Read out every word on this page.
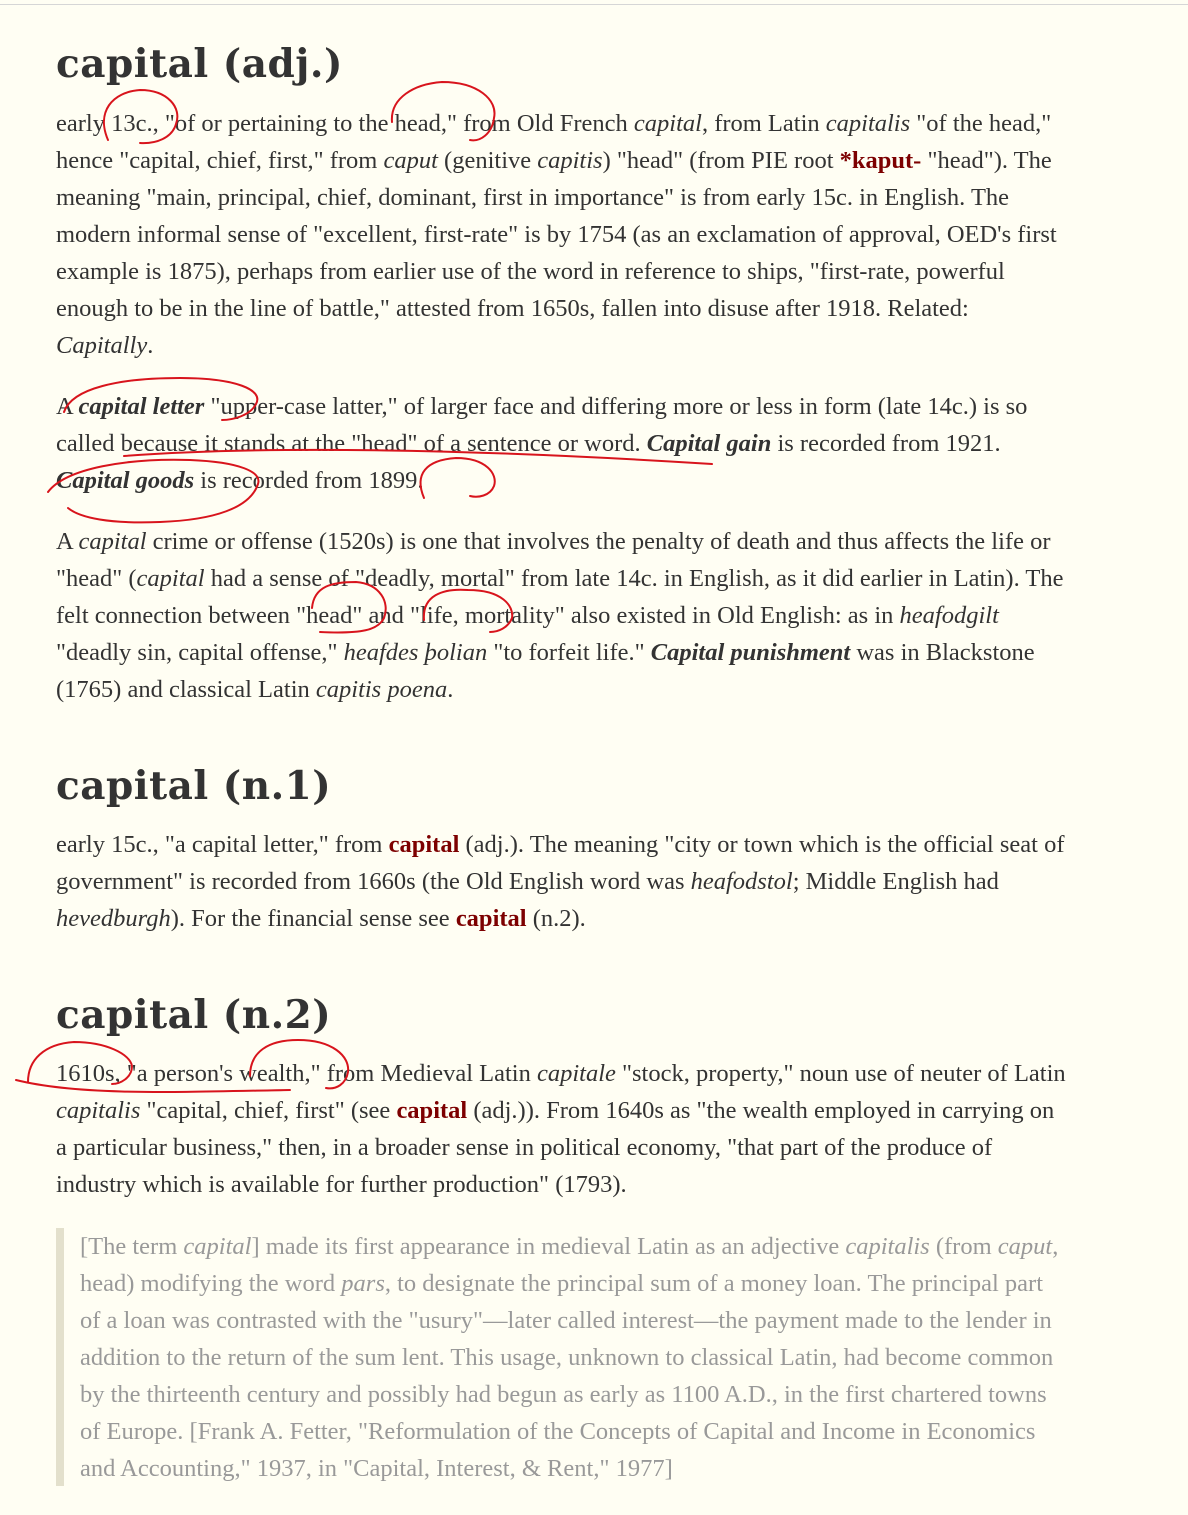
capital (adj.)

early 13c., "of or pertaining to the head," from Old French capital, from Latin capitalis "of the head,"
hence "capital, chief, first," from caput (genitive capitis) "head" (from PIE root *kaput- "head"). The
meaning "main, principal, chief, dominant, first in importance" is from early 15c. in English. The
modern informal sense of "excellent, first-rate" is by 1754 (as an exclamation of approval, OED's first
example is 1875), perhaps from earlier use of the word in reference to ships, "first-rate, powerful
enough to be in the line of battle," attested from 1650s, fallen into disuse after 1918. Related:
Capitally.

A capital letter "upper-case latter," of larger face and differing more or less in form (late 14c.) is so
called because it stands at the "head" of a sentence or word. Capital gain is recorded from 1921.
Capital goods is recorded from 1899.

A capital crime or offense (1520s) is one that involves the penalty of death and thus affects the life or
"head" (capital had a sense of "deadly, mortal" from late 14c. in English, as it did earlier in Latin). The
felt connection between "head" and "life, mortality" also existed in Old English: as in heafodgilt
"deadly sin, capital offense," heafdes þolian "to forfeit life." Capital punishment was in Blackstone
(1765) and classical Latin capitis poena.

capital (n.1)

early 15c., "a capital letter," from capital (adj.). The meaning "city or town which is the official seat of
government" is recorded from 1660s (the Old English word was heafodstol; Middle English had
hevedburgh). For the financial sense see capital (n.2).

capital (n.2)

1610s, "a person's wealth," from Medieval Latin capitale "stock, property," noun use of neuter of Latin
capitalis "capital, chief, first" (see capital (adj.)). From 1640s as "the wealth employed in carrying on
a particular business," then, in a broader sense in political economy, "that part of the produce of
industry which is available for further production" (1793).

[The term capital] made its first appearance in medieval Latin as an adjective capitalis (from caput,
head) modifying the word pars, to designate the principal sum of a money loan. The principal part
of a loan was contrasted with the "usury"—later called interest—the payment made to the lender in
addition to the return of the sum lent. This usage, unknown to classical Latin, had become common
by the thirteenth century and possibly had begun as early as 1100 A.D., in the first chartered towns
of Europe. [Frank A. Fetter, "Reformulation of the Concepts of Capital and Income in Economics
and Accounting," 1937, in "Capital, Interest, & Rent," 1977]
